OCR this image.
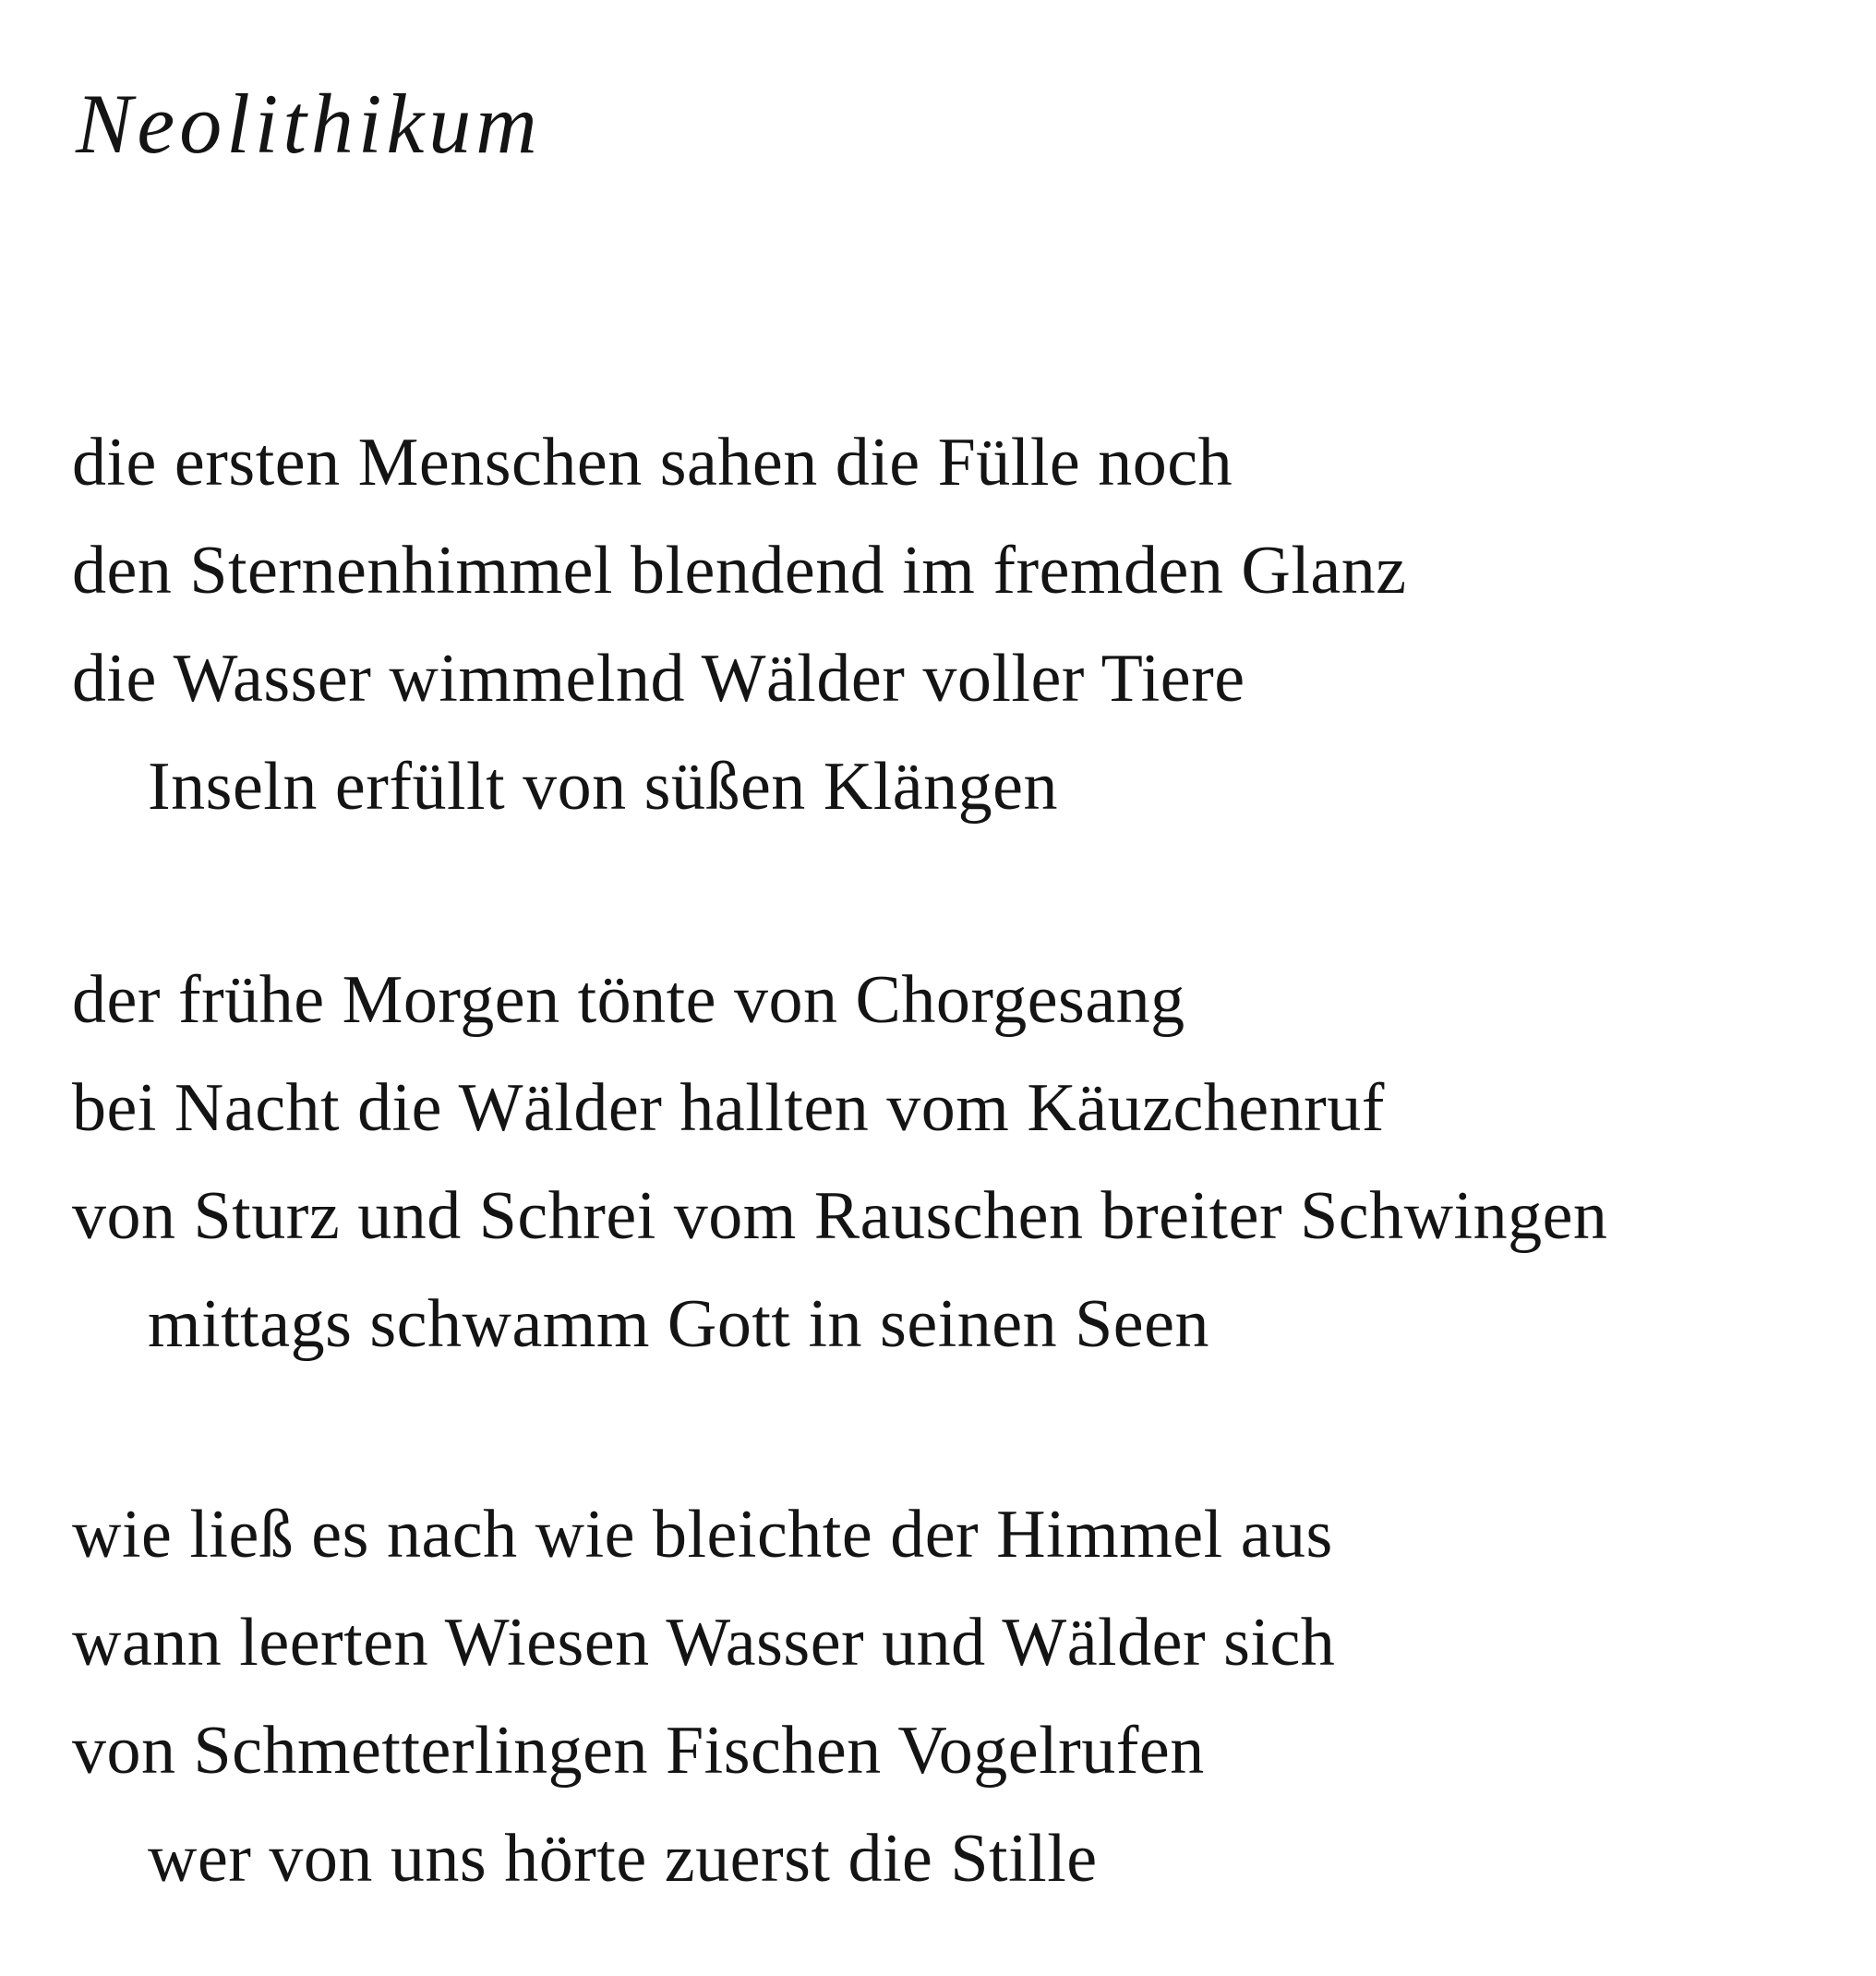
Neolithikum
die ersten Menschen sahen die Fülle noch
den Sternenhimmel blendend im fremden Glanz
die Wasser wimmelnd Wälder voller Tiere
Inseln erfüllt von süßen Klängen
der frühe Morgen tönte von Chorgesang
bei Nacht die Wälder hallten vom Käuzchenruf
von Sturz und Schrei vom Rauschen breiter Schwingen
mittags schwamm Gott in seinen Seen
wie ließ es nach wie bleichte der Himmel aus
wann leerten Wiesen Wasser und Wälder sich
von Schmetterlingen Fischen Vogelrufen
wer von uns hörte zuerst die Stille
